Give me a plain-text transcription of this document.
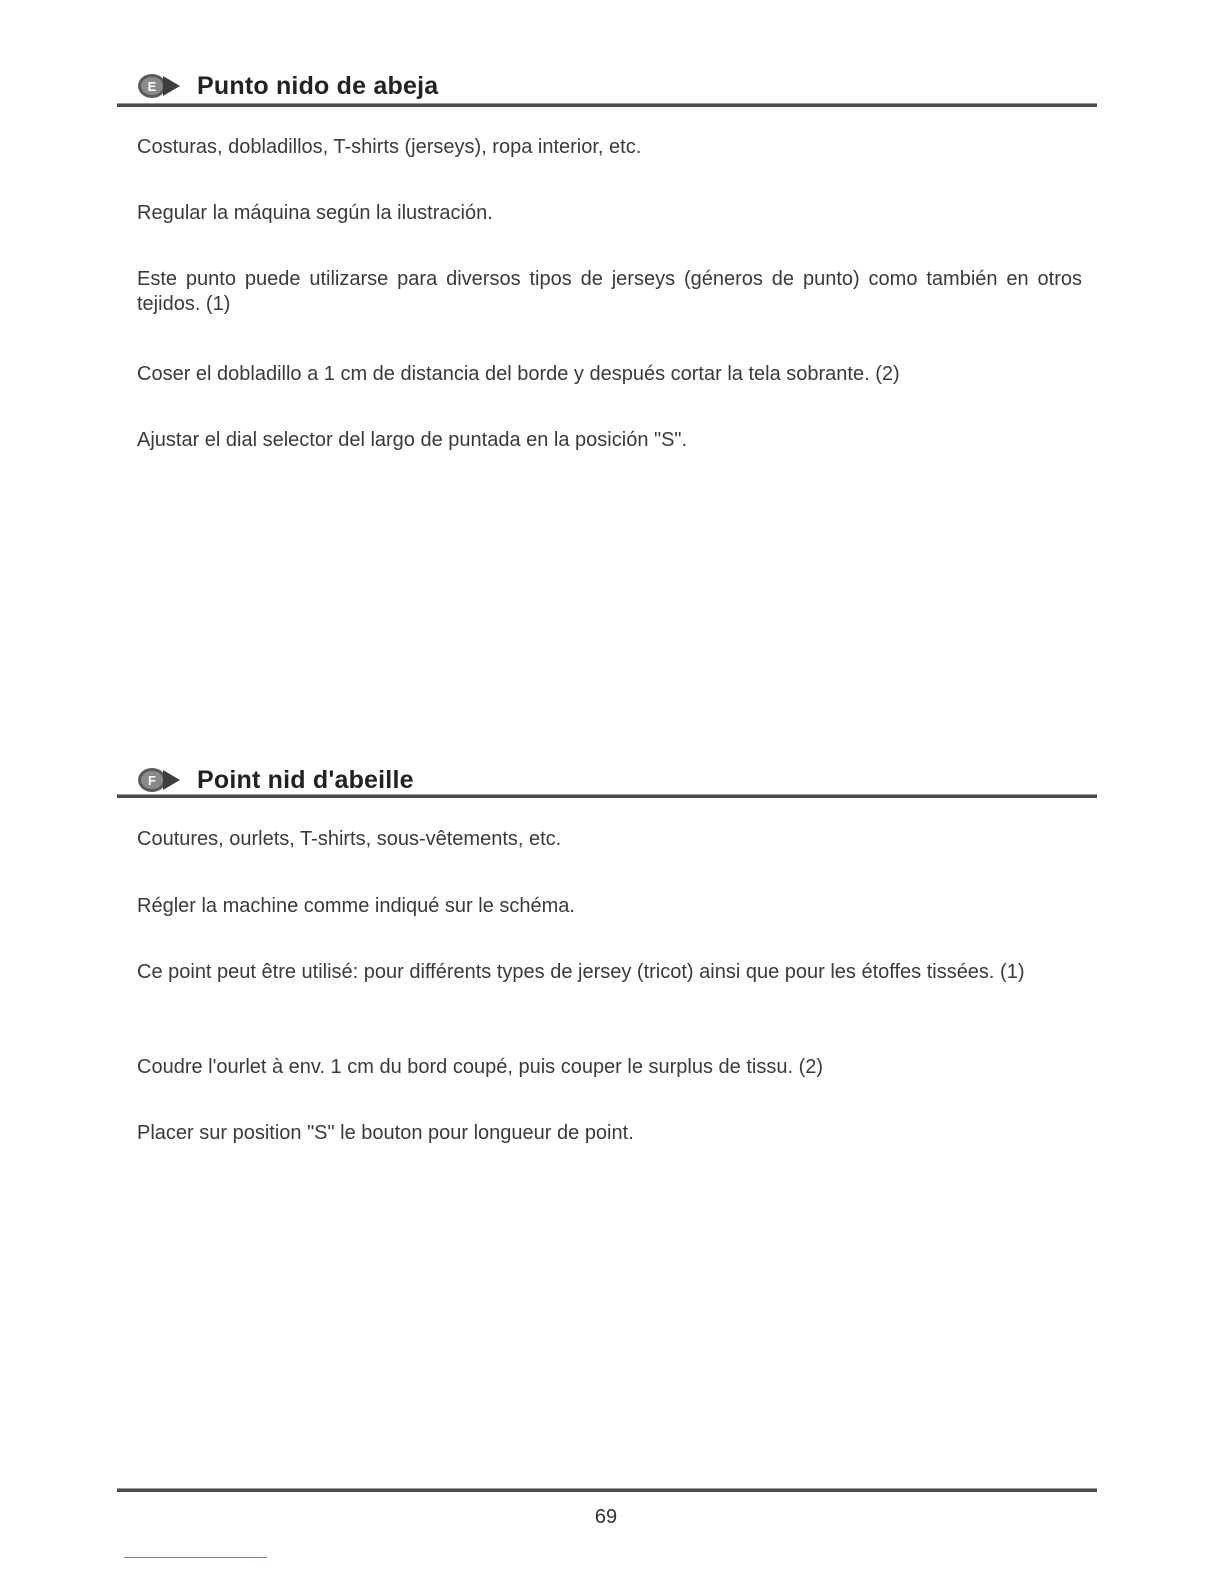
E Punto nido de abeja

Costuras, dobladillos, T-shirts (jerseys), ropa interior, etc.

Regular la máquina según la ilustración.

Este punto puede utilizarse para diversos tipos de jerseys (géneros de punto) como también en otros tejidos. (1)

Coser el dobladillo a 1 cm de distancia del borde y después cortar la tela sobrante. (2)

Ajustar el dial selector del largo de puntada en la posición "S".

F Point nid d'abeille

Coutures, ourlets, T-shirts, sous-vêtements, etc.

Régler la machine comme indiqué sur le schéma.

Ce point peut être utilisé: pour différents types de jersey (tricot) ainsi que pour les étoffes tissées. (1)

Coudre l'ourlet à env. 1 cm du bord coupé, puis couper le surplus de tissu. (2)

Placer sur position "S" le bouton pour longueur de point.

69
